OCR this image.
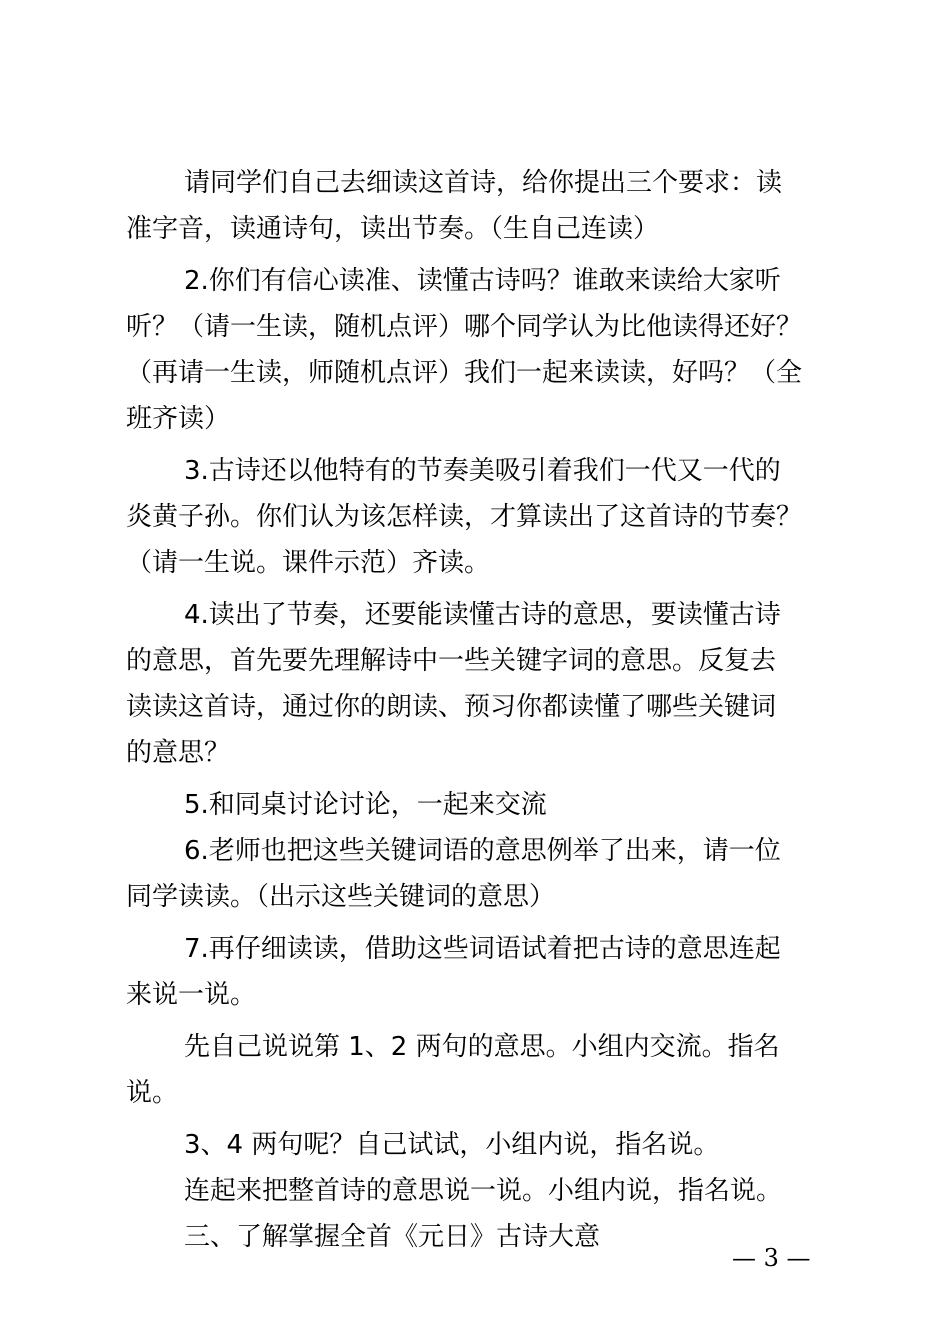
请同学们自己去细读这首诗，给你提出三个要求：读

准字音，读通诗句，读出节奏。（生自己连读）

2.你们有信心读准、读懂古诗吗？谁敢来读给大家听

听？（请一生读，随机点评）哪个同学认为比他读得还好？

（再请一生读，师随机点评）我们一起来读读，好吗？（全

班齐读）

3.古诗还以他特有的节奏美吸引着我们一代又一代的

炎黄子孙。你们认为该怎样读，才算读出了这首诗的节奏？

（请一生说。课件示范）齐读。

4.读出了节奏，还要能读懂古诗的意思，要读懂古诗

的意思，首先要先理解诗中一些关键字词的意思。反复去

读读这首诗，通过你的朗读、预习你都读懂了哪些关键词

的意思？

5.和同桌讨论讨论，一起来交流

6.老师也把这些关键词语的意思例举了出来，请一位

同学读读。（出示这些关键词的意思）

7.再仔细读读，借助这些词语试着把古诗的意思连起

来说一说。

先自己说说第 1、2 两句的意思。小组内交流。指名

说。

3、4 两句呢？自己试试，小组内说，指名说。

连起来把整首诗的意思说一说。小组内说，指名说。

三、了解掌握全首《元日》古诗大意

— 3 —
